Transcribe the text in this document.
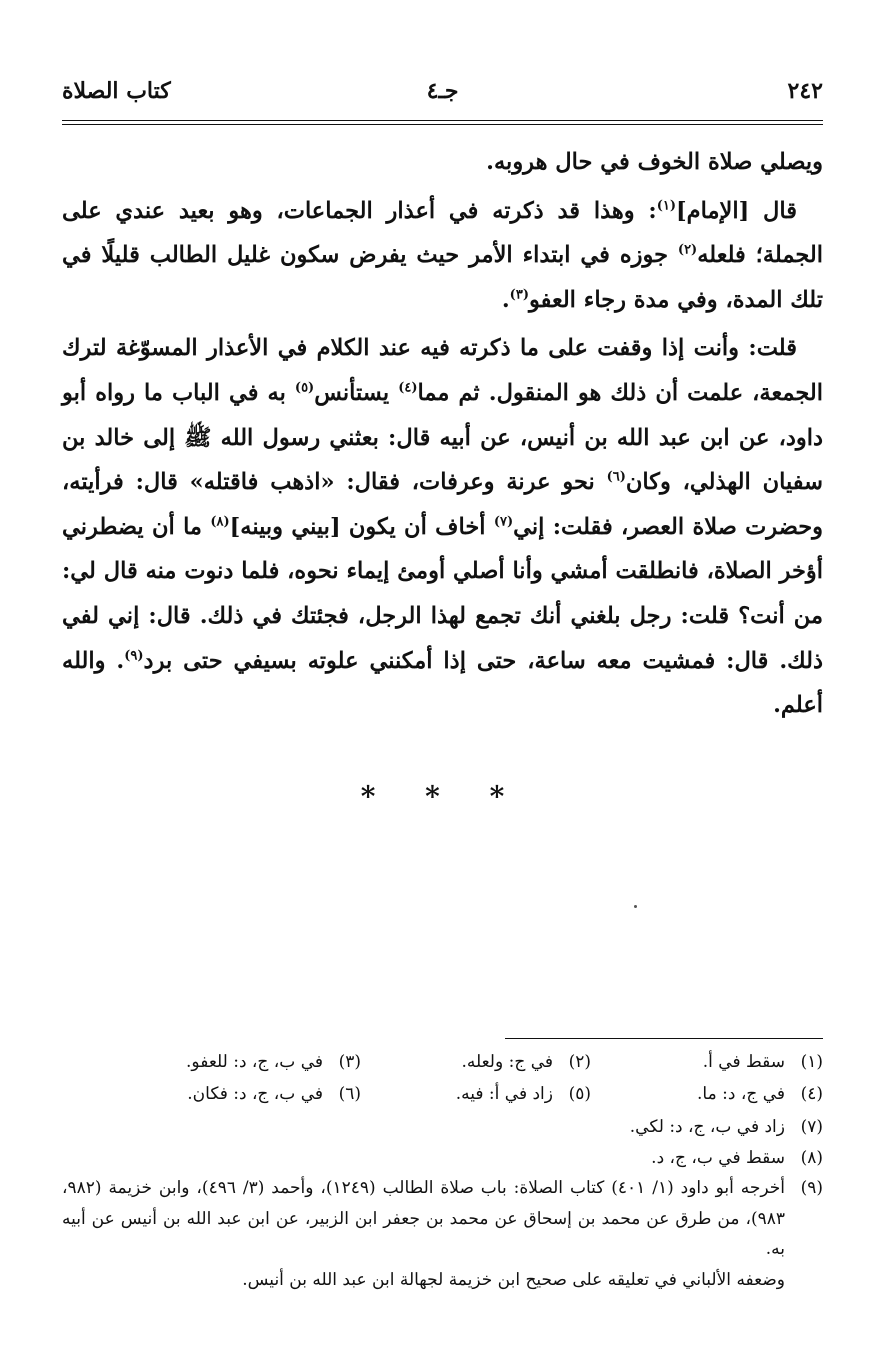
٢٤٢
جـ٤
كتاب الصلاة

ويصلي صلاة الخوف في حال هروبه.

قال [الإمام]$^{(١)}$: وهذا قد ذكرته في أعذار الجماعات، وهو بعيد عندي على الجملة؛ فلعله$^{(٢)}$ جوزه في ابتداء الأمر حيث يفرض سكون غليل الطالب قليلًا في تلك المدة، وفي مدة رجاء العفو$^{(٣)}$.

قلت: وأنت إذا وقفت على ما ذكرته فيه عند الكلام في الأعذار المسوّغة لترك الجمعة، علمت أن ذلك هو المنقول. ثم مما$^{(٤)}$ يستأنس$^{(٥)}$ به في الباب ما رواه أبو داود، عن ابن عبد الله بن أنيس، عن أبيه قال: بعثني رسول الله ﷺ إلى خالد بن سفيان الهذلي، وكان$^{(٦)}$ نحو عرنة وعرفات، فقال: «اذهب فاقتله» قال: فرأيته، وحضرت صلاة العصر، فقلت: إني$^{(٧)}$ أخاف أن يكون [بيني وبينه]$^{(٨)}$ ما أن يضطرني أؤخر الصلاة، فانطلقت أمشي وأنا أصلي أومئ إيماء نحوه، فلما دنوت منه قال لي: من أنت؟ قلت: رجل بلغني أنك تجمع لهذا الرجل، فجئتك في ذلك. قال: إني لفي ذلك. قال: فمشيت معه ساعة، حتى إذا أمكنني علوته بسيفي حتى برد$^{(٩)}$. والله أعلم.

* * *
(١)سقط في أ.
(٢)في ج: ولعله.
(٣)في ب، ج، د: للعفو.
(٤)في ج، د: ما.
(٥)زاد في أ: فيه.
(٦)في ب، ج، د: فكان.
(٧)
زاد في ب، ج، د: لكي.
(٨)
سقط في ب، ج، د.
(٩)
أخرجه أبو داود (١/ ٤٠١) كتاب الصلاة: باب صلاة الطالب (١٢٤٩)، وأحمد (٣/ ٤٩٦)، وابن خزيمة (٩٨٢، ٩٨٣)، من طرق عن محمد بن إسحاق عن محمد بن جعفر ابن الزبير، عن ابن عبد الله بن أنيس عن أبيه به.
وضعفه الألباني في تعليقه على صحيح ابن خزيمة لجهالة ابن عبد الله بن أنيس.
